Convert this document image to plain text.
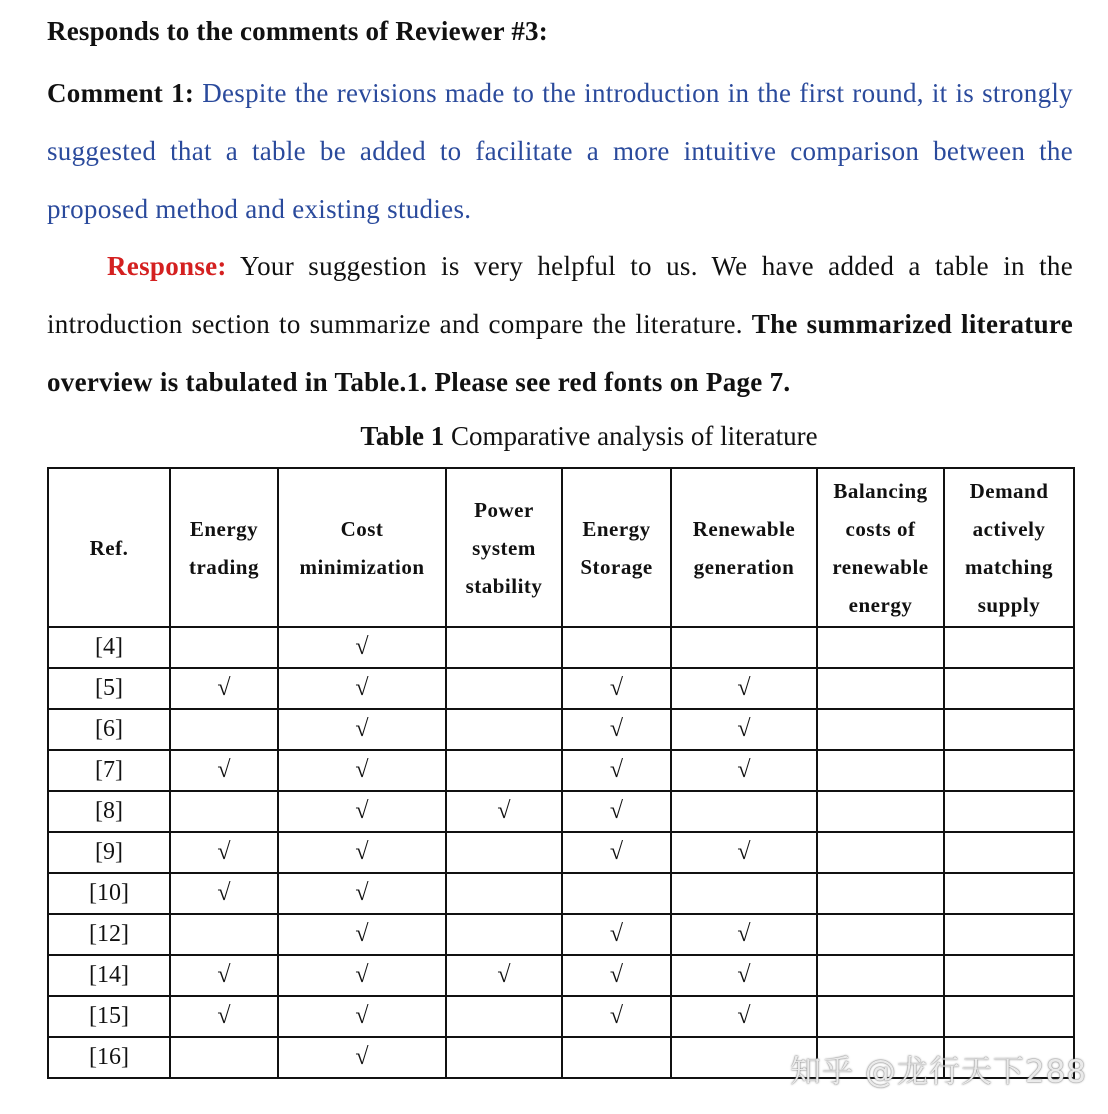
Responds to the comments of Reviewer #3:
Comment 1: Despite the revisions made to the introduction in the first round, it is strongly suggested that a table be added to facilitate a more intuitive comparison between the proposed method and existing studies.
Response: Your suggestion is very helpful to us. We have added a table in the introduction section to summarize and compare the literature. The summarized literature overview is tabulated in Table.1. Please see red fonts on Page 7.
Table 1 Comparative analysis of literature
Ref.	Energy trading	Cost minimization	Power system stability	Energy Storage	Renewable generation	Balancing costs of renewable energy	Demand actively matching supply
[4]		√					
[5]	√	√		√	√		
[6]		√		√	√		
[7]	√	√		√	√		
[8]		√	√	√			
[9]	√	√		√	√		
[10]	√	√					
[12]		√		√	√		
[14]	√	√	√	√	√		
[15]	√	√		√	√		
[16]		√						知乎 @龙行天下288
